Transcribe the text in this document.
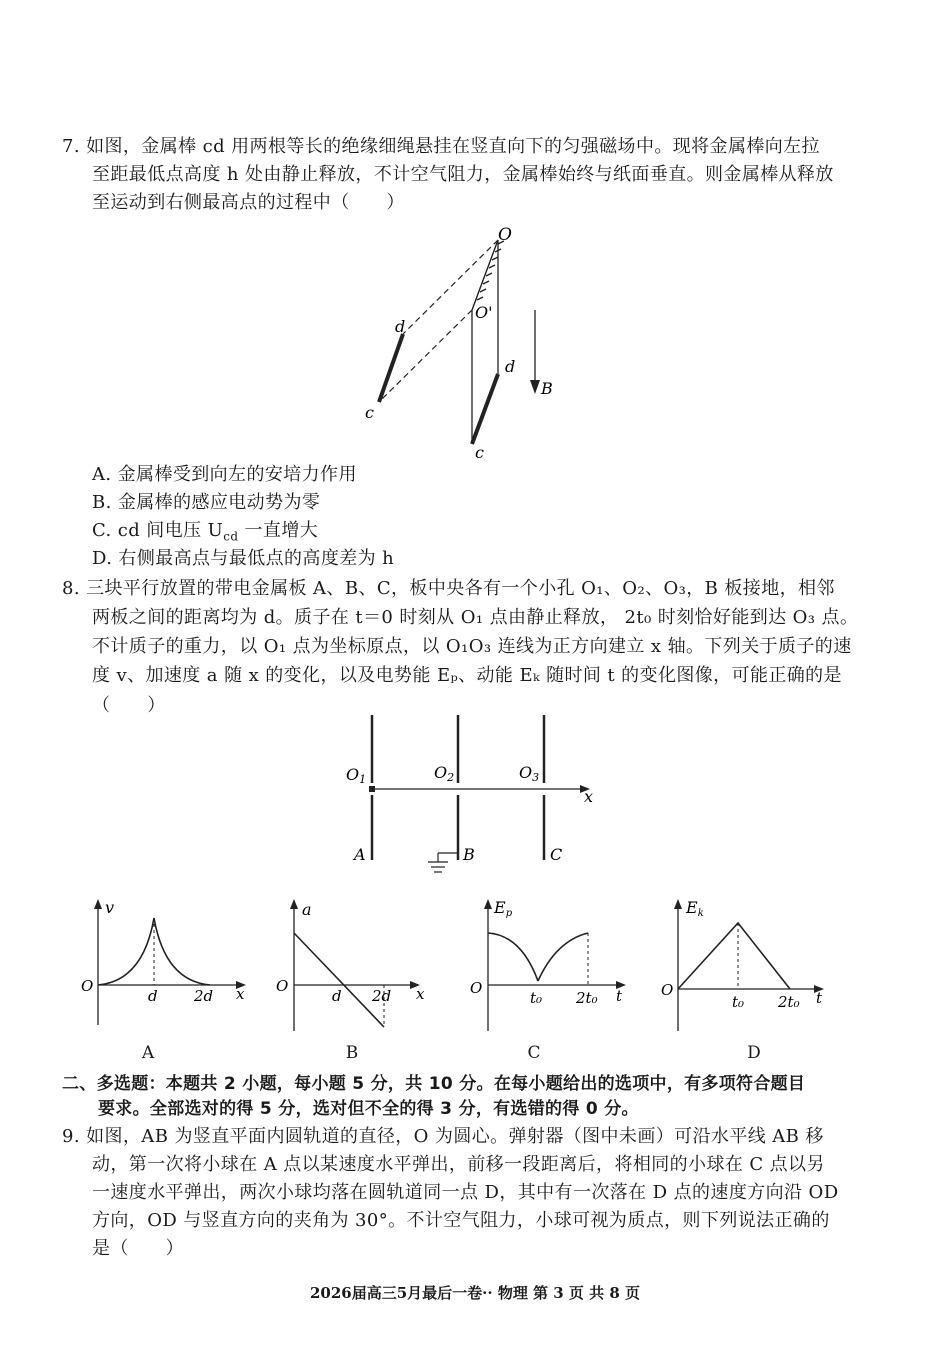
7. 如图，金属棒 cd 用两根等长的绝缘细绳悬挂在竖直向下的匀强磁场中。现将金属棒向左拉
至距最低点高度 h 处由静止释放，不计空气阻力，金属棒始终与纸面垂直。则金属棒从释放
至运动到右侧最高点的过程中（　　）
O
O'
d
c
d
c
B
A. 金属棒受到向左的安培力作用
B. 金属棒的感应电动势为零
C. cd 间电压 $U_{cd}$ 一直增大
D. 右侧最高点与最低点的高度差为 h
8. 三块平行放置的带电金属板 A、B、C，板中央各有一个小孔 O₁、O₂、O₃，B 板接地，相邻
两板之间的距离均为 d。质子在 t＝0 时刻从 O₁ 点由静止释放， 2t₀ 时刻恰好能到达 O₃ 点。
不计质子的重力，以 O₁ 点为坐标原点，以 O₁O₃ 连线为正方向建立 x 轴。下列关于质子的速
度 v、加速度 a 随 x 的变化，以及电势能 Eₚ、动能 Eₖ 随时间 t 的变化图像，可能正确的是
（　　）
O1	O2	O3
x
A	B	C
v
O
d 2d x
a
O
d 2d x
Ep
O
t₀ 2t₀ t
Ek
O
t₀ 2t₀ t
A	B	C	D
二、多选题：本题共 2 小题，每小题 5 分，共 10 分。在每小题给出的选项中，有多项符合题目
要求。全部选对的得 5 分，选对但不全的得 3 分，有选错的得 0 分。
9. 如图，AB 为竖直平面内圆轨道的直径，O 为圆心。弹射器（图中未画）可沿水平线 AB 移
动，第一次将小球在 A 点以某速度水平弹出，前移一段距离后，将相同的小球在 C 点以另
一速度水平弹出，两次小球均落在圆轨道同一点 D，其中有一次落在 D 点的速度方向沿 OD
方向，OD 与竖直方向的夹角为 30°。不计空气阻力，小球可视为质点，则下列说法正确的
是（　　）
2026届高三5月最后一卷·· 物理 第 3 页 共 8 页
